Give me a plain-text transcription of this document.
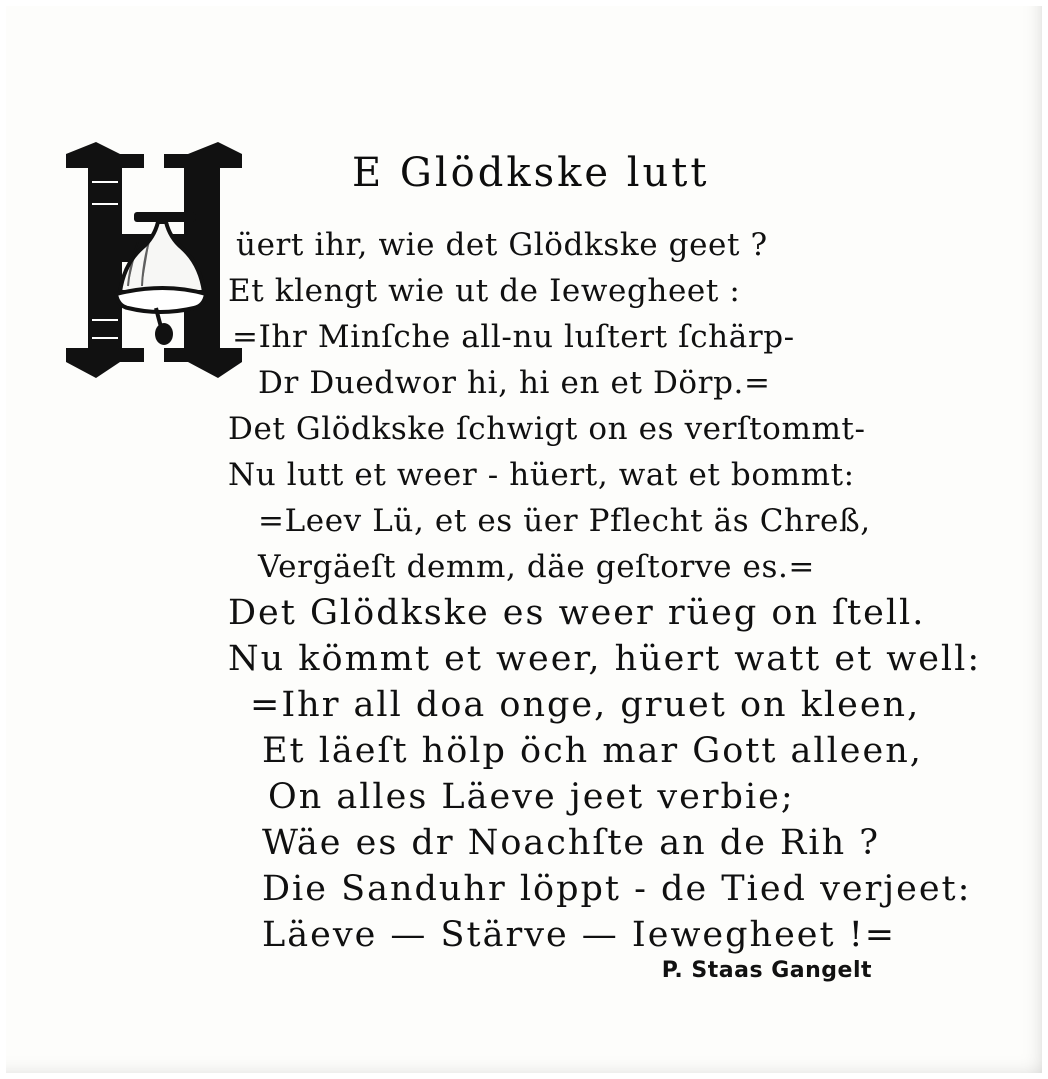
E Glödkske lutt
üert ihr, wie det Glödkske geet ?
Et klengt wie ut de Iewegheet :
=Ihr Minſche all-nu luſtert ſchärp-
Dr Duedwor hi, hi en et Dörp.=
Det Glödkske ſchwigt on es verſtommt-
Nu lutt et weer - hüert, wat et bommt:
=Leev Lü, et es üer Pflecht äs Chreß,
Vergäeſt demm, däe geſtorve es.=
Det Glödkske es weer rüeg on ſtell.
Nu kömmt et weer, hüert watt et well:
=Ihr all doa onge, gruet on kleen,
Et läeſt hölp öch mar Gott alleen,
On alles Läeve jeet verbie;
Wäe es dr Noachſte an de Rih ?
Die Sanduhr löppt - de Tied verjeet:
Läeve — Stärve — Iewegheet !=
P. Staas Gangelt
